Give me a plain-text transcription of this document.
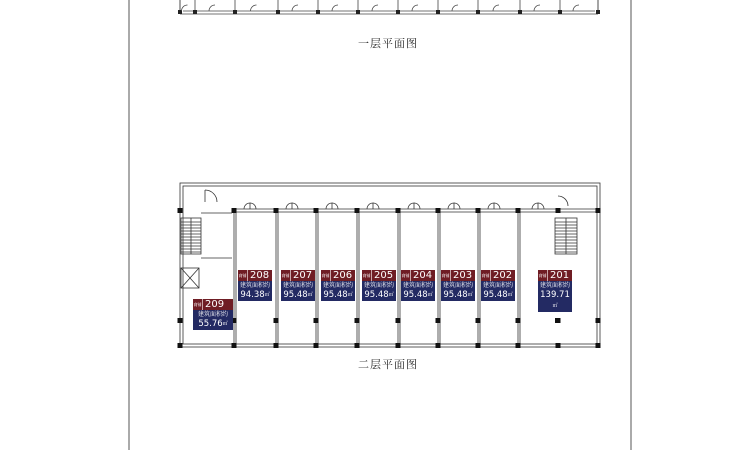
一层平面图
二层平面图
商铺 209
建筑面积约
55.76㎡
商铺 208
建筑面积约
94.38㎡
商铺 207
建筑面积约
95.48㎡
商铺 206
建筑面积约
95.48㎡
商铺 205
建筑面积约
95.48㎡
商铺 204
建筑面积约
95.48㎡
商铺 203
建筑面积约
95.48㎡
商铺 202
建筑面积约
95.48㎡
商铺 201
建筑面积约
139.71㎡
